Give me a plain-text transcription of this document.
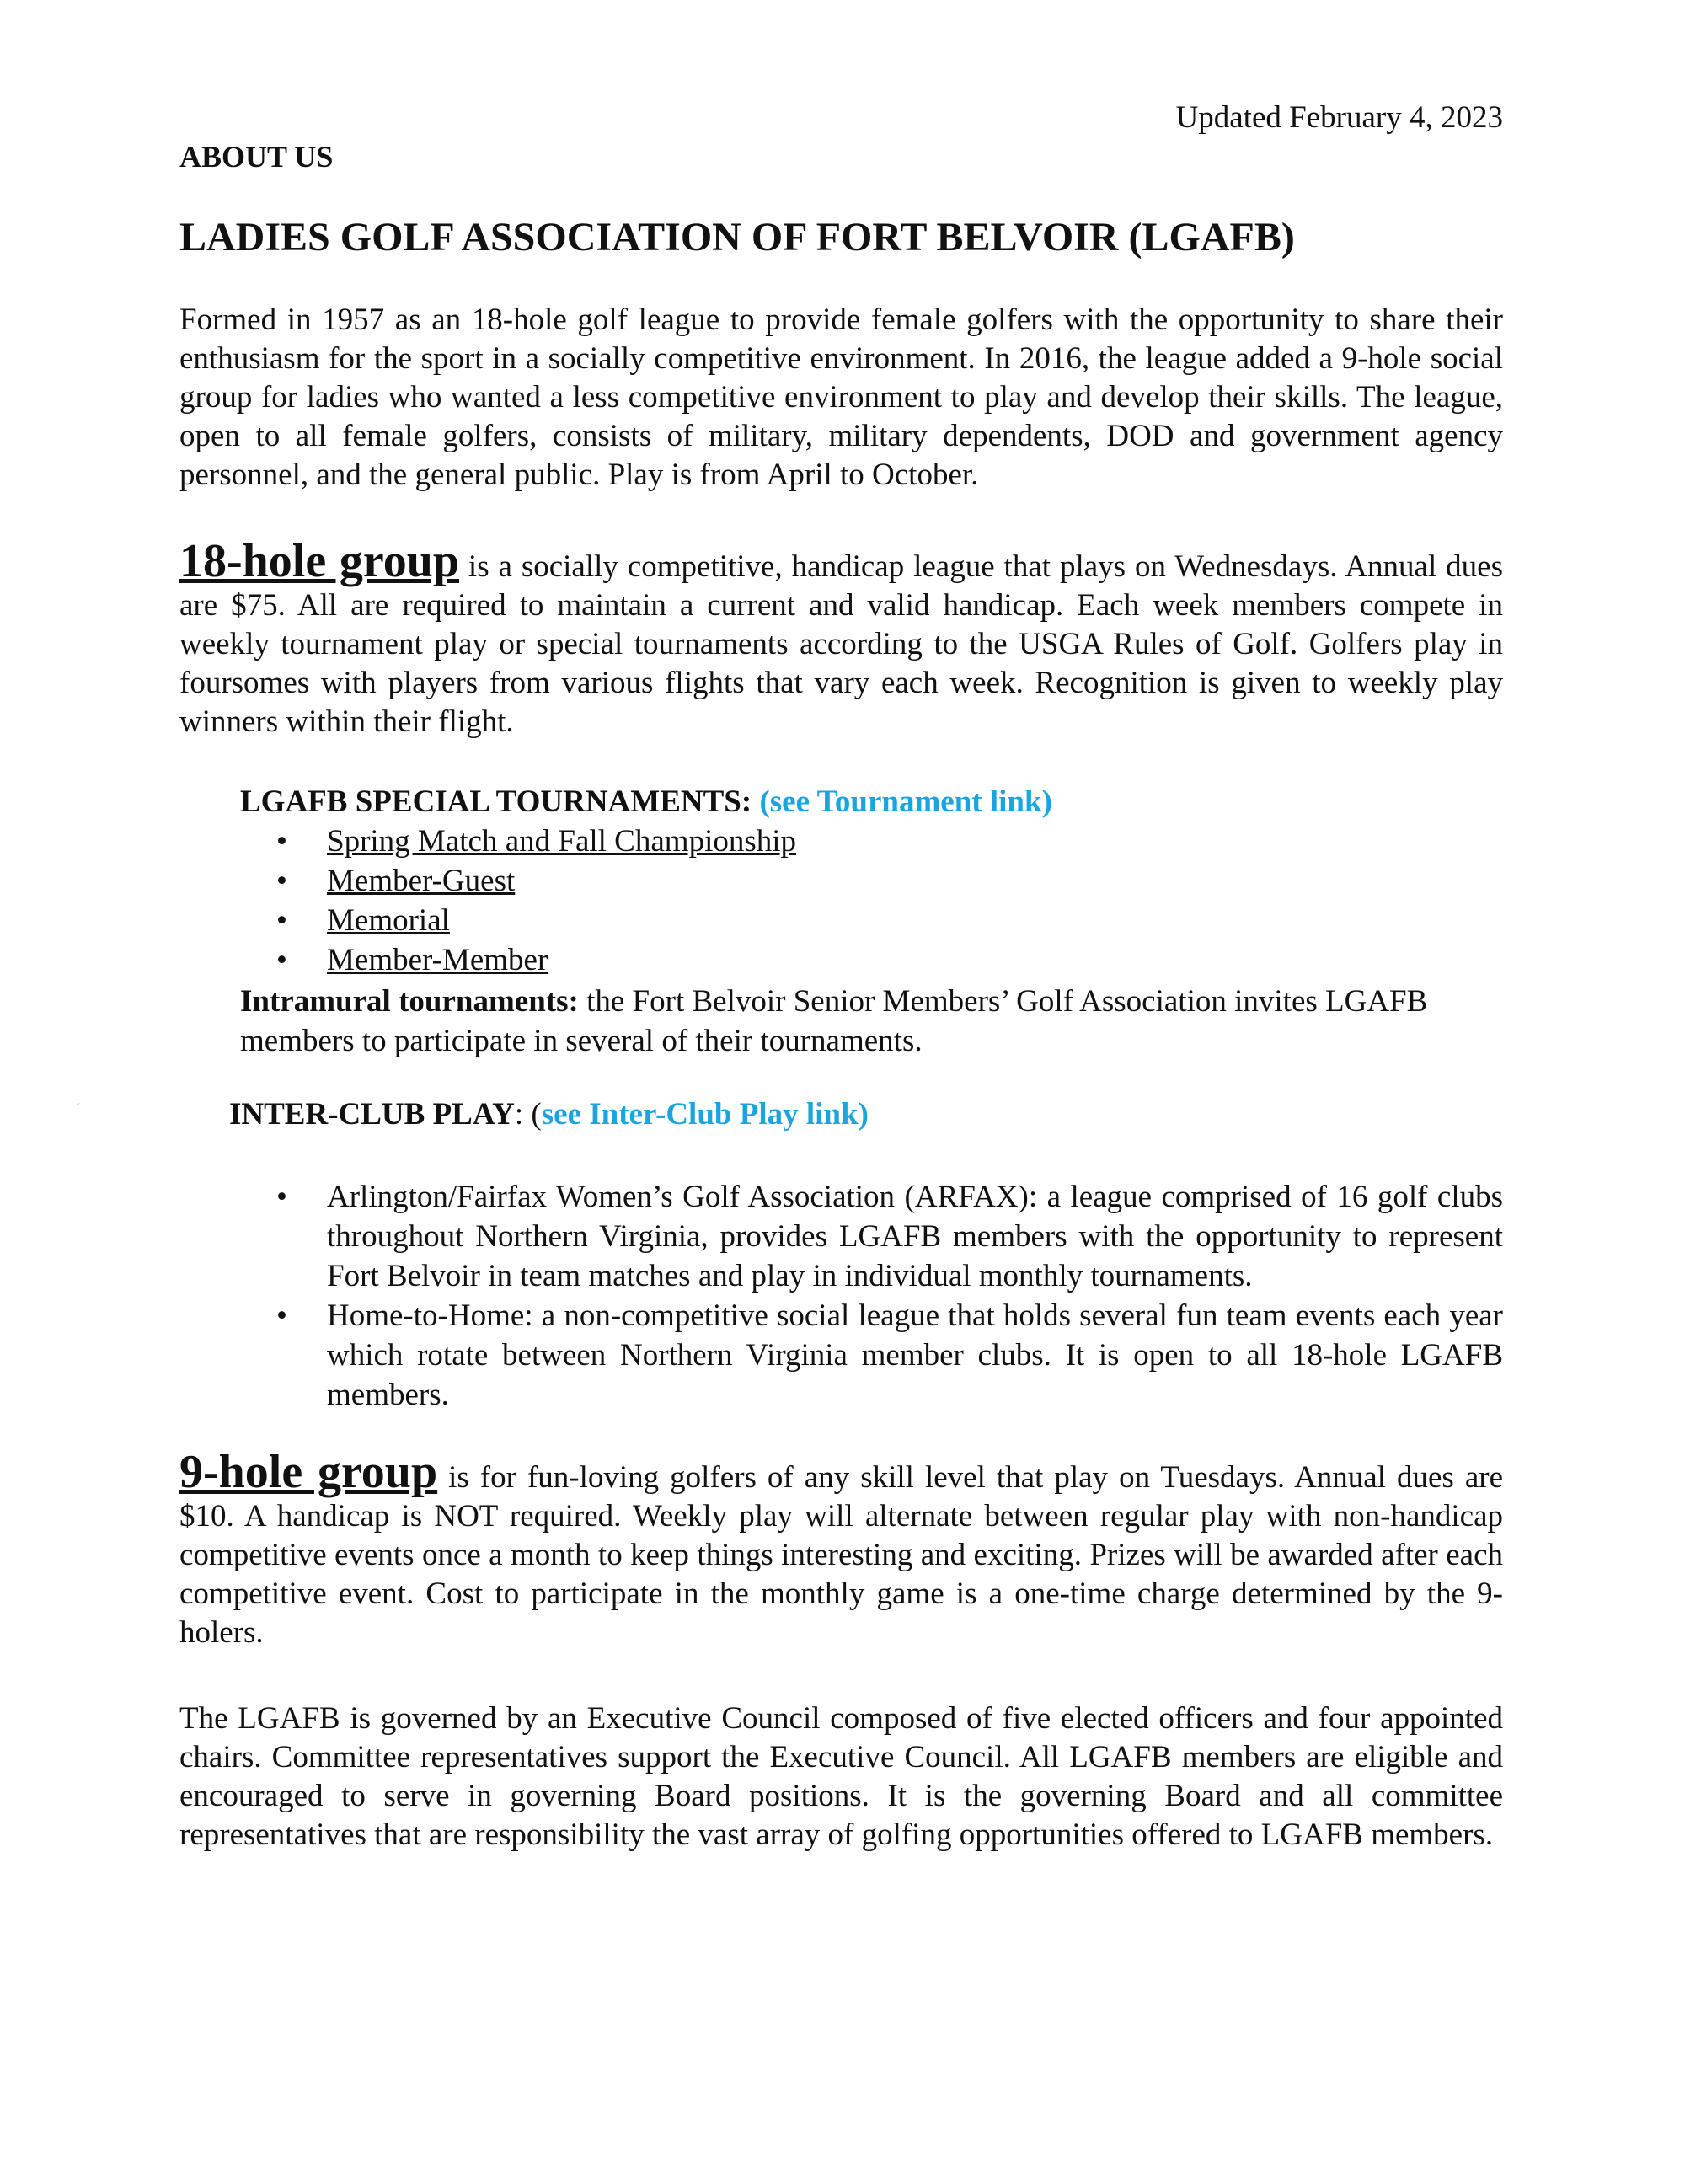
Updated February 4, 2023
ABOUT US
LADIES GOLF ASSOCIATION OF FORT BELVOIR (LGAFB)

Formed in 1957 as an 18-hole golf league to provide female golfers with the opportunity to share their enthusiasm for the sport in a socially competitive environment. In 2016, the league added a 9-hole social group for ladies who wanted a less competitive environment to play and develop their skills. The league, open to all female golfers, consists of military, military dependents, DOD and government agency personnel, and the general public. Play is from April to October.

18-hole group is a socially competitive, handicap league that plays on Wednesdays. Annual dues are $75. All are required to maintain a current and valid handicap. Each week members compete in weekly tournament play or special tournaments according to the USGA Rules of Golf. Golfers play in foursomes with players from various flights that vary each week. Recognition is given to weekly play winners within their flight.

LGAFB SPECIAL TOURNAMENTS: (see Tournament link)
• Spring Match and Fall Championship
• Member-Guest
• Memorial
• Member-Member
Intramural tournaments: the Fort Belvoir Senior Members’ Golf Association invites LGAFB members to participate in several of their tournaments.
´	INTER-CLUB PLAY: (see Inter-Club Play link)
• Arlington/Fairfax Women’s Golf Association (ARFAX): a league comprised of 16 golf clubs throughout Northern Virginia, provides LGAFB members with the opportunity to represent Fort Belvoir in team matches and play in individual monthly tournaments.
• Home-to-Home: a non-competitive social league that holds several fun team events each year which rotate between Northern Virginia member clubs. It is open to all 18-hole LGAFB members.

9-hole group is for fun-loving golfers of any skill level that play on Tuesdays. Annual dues are $10. A handicap is NOT required. Weekly play will alternate between regular play with non-handicap competitive events once a month to keep things interesting and exciting. Prizes will be awarded after each competitive event. Cost to participate in the monthly game is a one-time charge determined by the 9-holers.

The LGAFB is governed by an Executive Council composed of five elected officers and four appointed chairs. Committee representatives support the Executive Council. All LGAFB members are eligible and encouraged to serve in governing Board positions. It is the governing Board and all committee representatives that are responsibility the vast array of golfing opportunities offered to LGAFB members.
